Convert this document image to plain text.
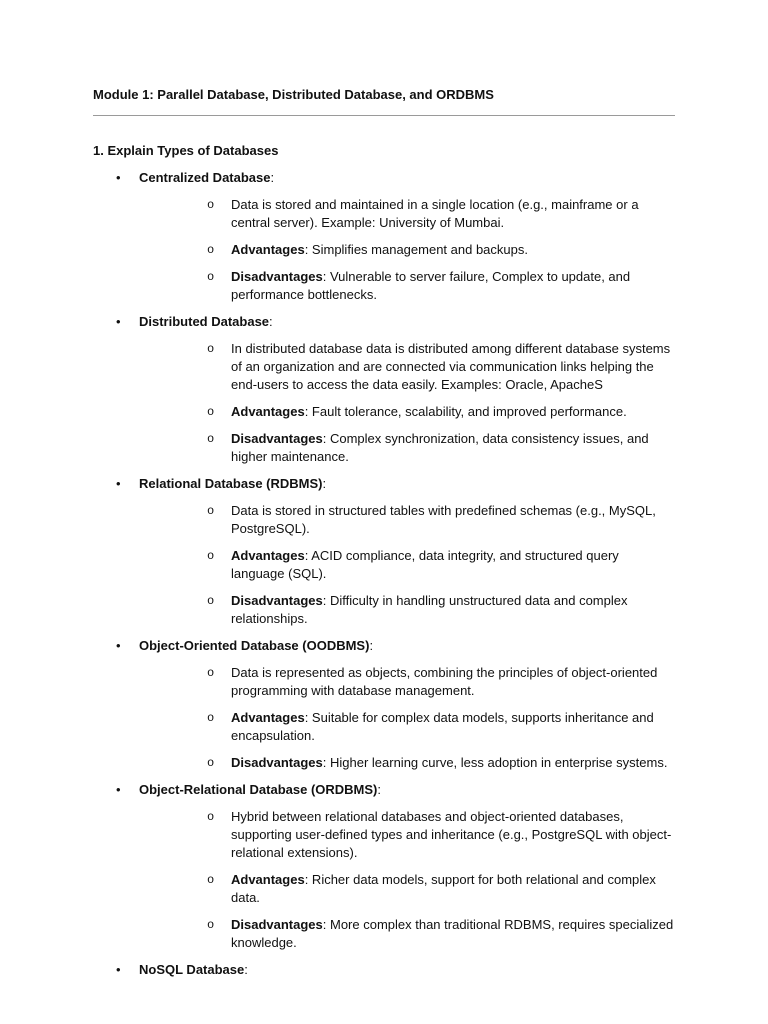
Module 1: Parallel Database, Distributed Database, and ORDBMS

1. Explain Types of Databases

• Centralized Database:
o Data is stored and maintained in a single location (e.g., mainframe or a central server). Example: University of Mumbai.
o Advantages: Simplifies management and backups.
o Disadvantages: Vulnerable to server failure, Complex to update, and performance bottlenecks.
• Distributed Database:
o In distributed database data is distributed among different database systems of an organization and are connected via communication links helping the end-users to access the data easily. Examples: Oracle, ApacheS
o Advantages: Fault tolerance, scalability, and improved performance.
o Disadvantages: Complex synchronization, data consistency issues, and higher maintenance.
• Relational Database (RDBMS):
o Data is stored in structured tables with predefined schemas (e.g., MySQL, PostgreSQL).
o Advantages: ACID compliance, data integrity, and structured query language (SQL).
o Disadvantages: Difficulty in handling unstructured data and complex relationships.
• Object-Oriented Database (OODBMS):
o Data is represented as objects, combining the principles of object-oriented programming with database management.
o Advantages: Suitable for complex data models, supports inheritance and encapsulation.
o Disadvantages: Higher learning curve, less adoption in enterprise systems.
• Object-Relational Database (ORDBMS):
o Hybrid between relational databases and object-oriented databases, supporting user-defined types and inheritance (e.g., PostgreSQL with object-relational extensions).
o Advantages: Richer data models, support for both relational and complex data.
o Disadvantages: More complex than traditional RDBMS, requires specialized knowledge.
• NoSQL Database:
